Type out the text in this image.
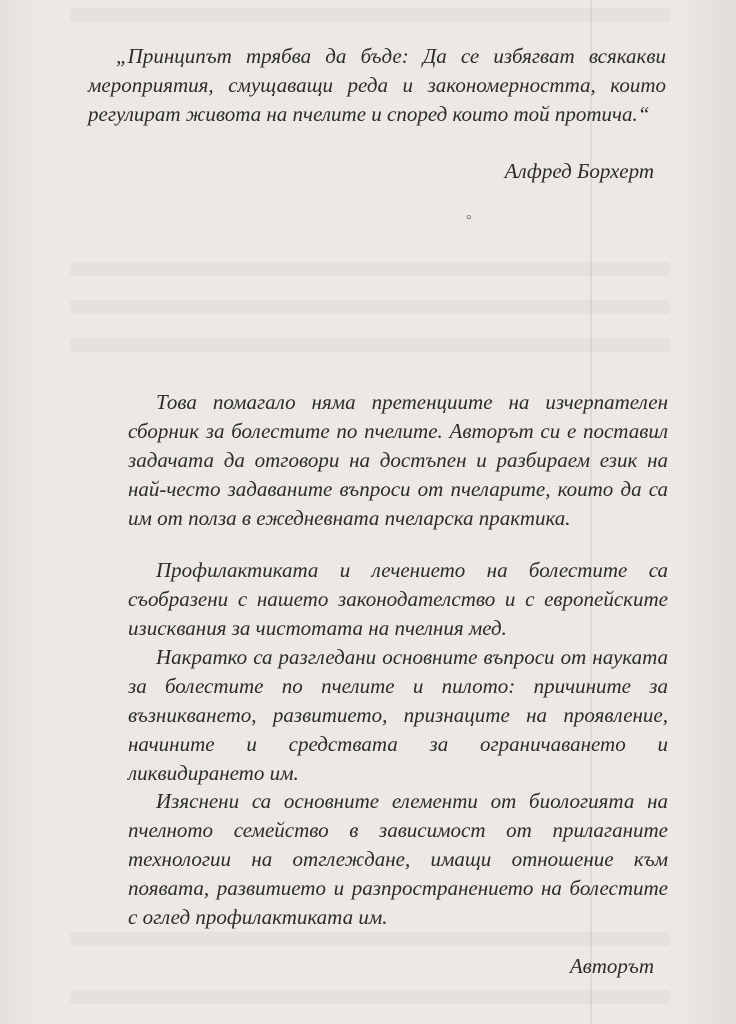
„Принципът трябва да бъде: Да се избягват всякакви мероприятия, смущаващи реда и закономерността, които регулират живота на пчелите и според които той протича.“

Алфред Борхерт

°

Това помагало няма претенциите на изчерпателен сборник за болестите по пчелите. Авторът си е поставил задачата да отговори на достъпен и разбираем език на най-често задаваните въпроси от пчеларите, които да са им от полза в ежедневната пчеларска практика.

Профилактиката и лечението на болестите са съобразени с нашето законодателство и с европейските изисквания за чистотата на пчелния мед.

Накратко са разгледани основните въпроси от науката за болестите по пчелите и пилото: причините за възникването, развитието, признаците на проявление, начините и средствата за ограничаването и ликвидирането им.

Изяснени са основните елементи от биологията на пчелното семейство в зависимост от прилаганите технологии на отглеждане, имащи отношение към появата, развитието и разпространението на болестите с оглед профилактиката им.

Авторът
